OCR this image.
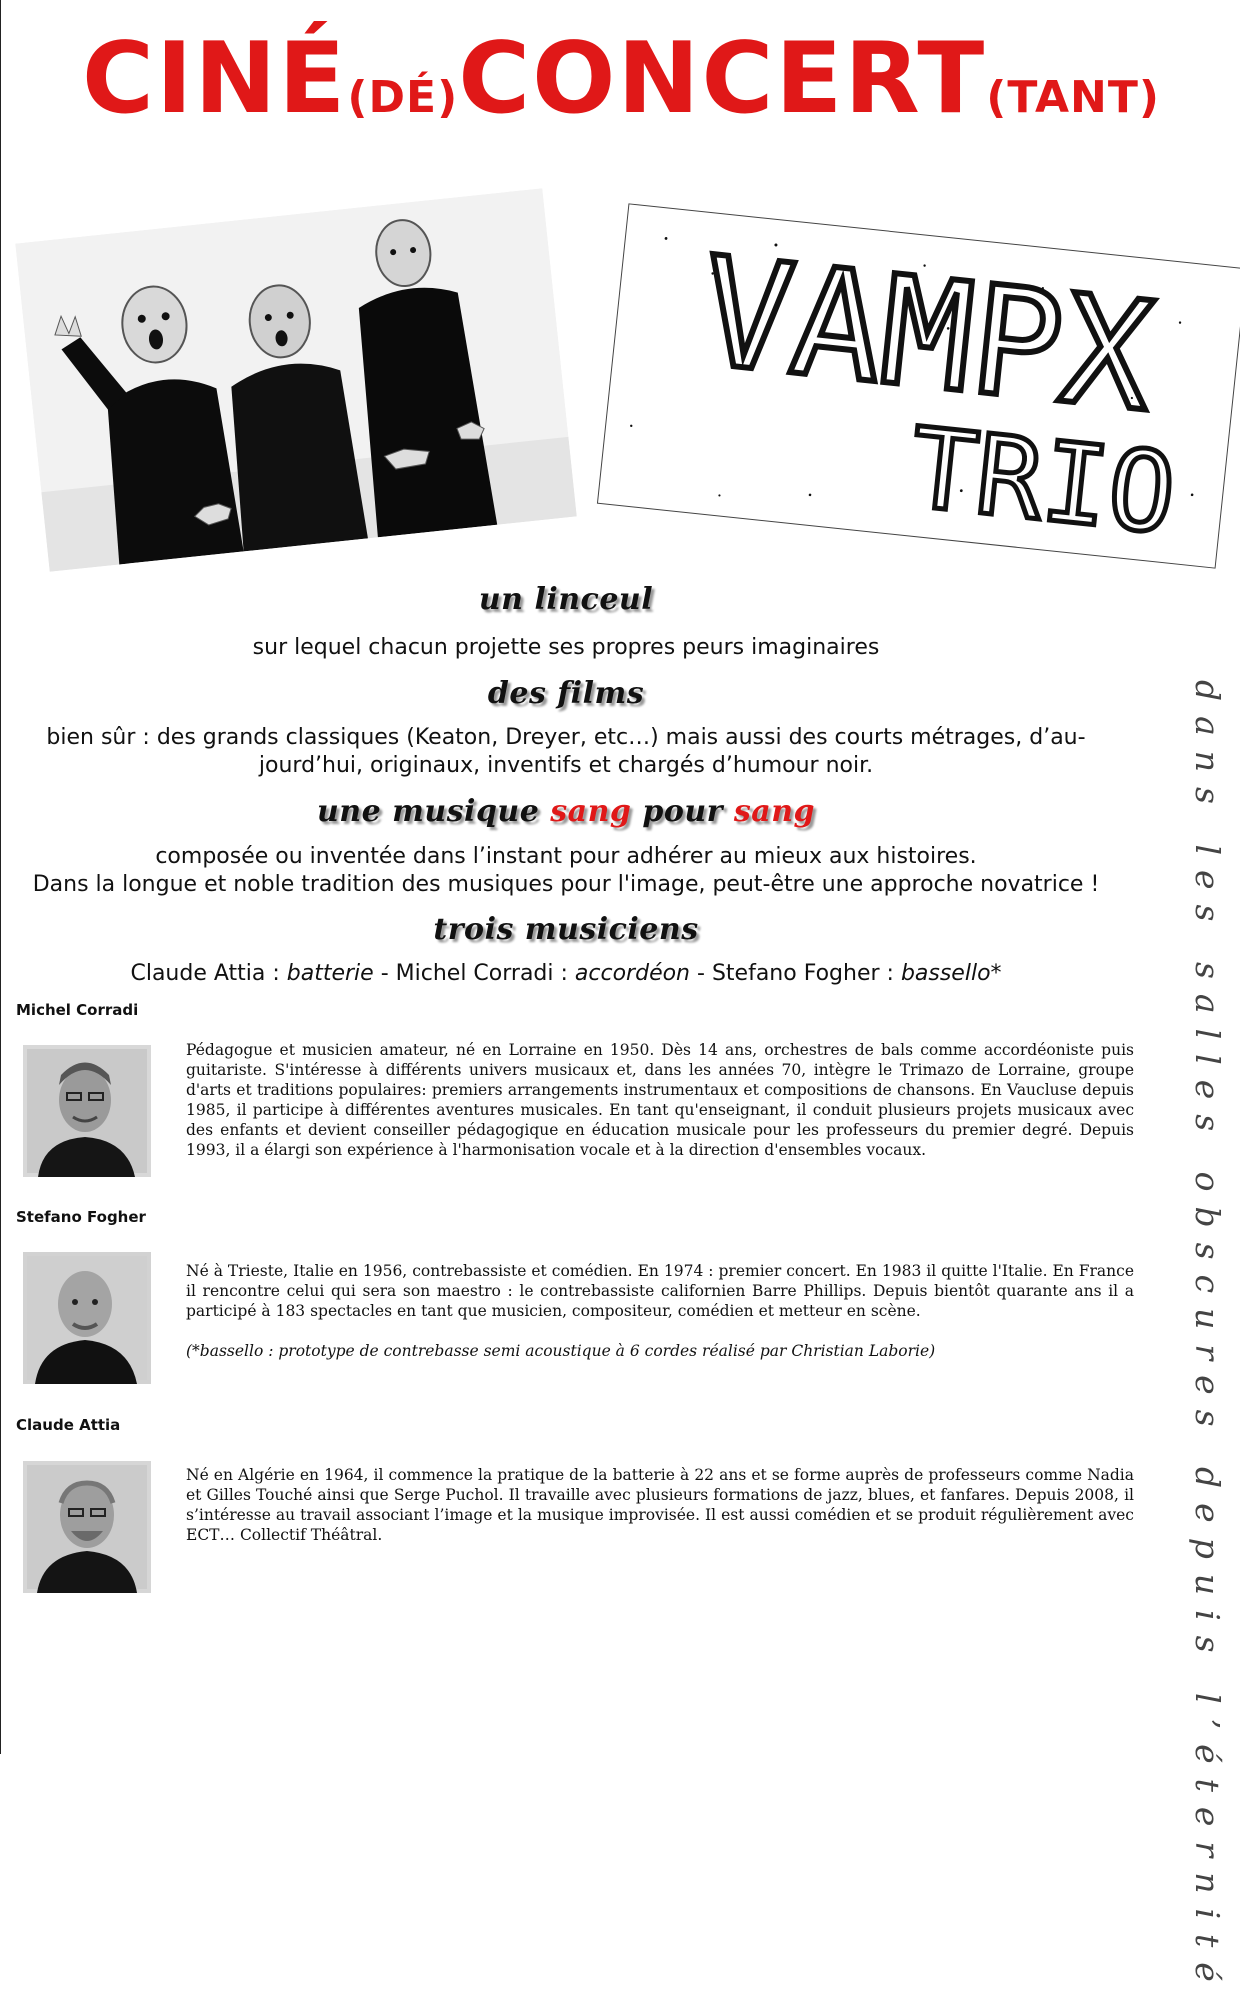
CINÉ(DÉ)CONCERT(TANT)
VAMPX
TRIO
un linceul
sur lequel chacun projette ses propres peurs imaginaires
des films
bien sûr : des grands classiques (Keaton, Dreyer, etc…) mais aussi des courts métrages, d’au-
jourd’hui, originaux, inventifs et chargés d’humour noir.
une musique sang pour sang
composée ou inventée dans l’instant pour adhérer au mieux aux histoires.
Dans la longue et noble tradition des musiques pour l'image, peut-être une approche novatrice !
trois musiciens
Claude Attia : batterie - Michel Corradi : accordéon - Stefano Fogher : bassello*	dans les salles obscures depuis l’éternité
Michel Corradi
Pédagogue et musicien amateur, né en Lorraine en 1950. Dès 14 ans, orchestres de bals comme accordéoniste puis guitariste. S'intéresse à différents univers musicaux et, dans les années 70, intègre le Trimazo de Lorraine, groupe d'arts et traditions populaires: premiers arrangements instrumentaux et compositions de chansons. En Vaucluse depuis 1985, il participe à différentes aventures musicales. En tant qu'enseignant, il conduit plusieurs projets musicaux avec des enfants et devient conseiller pédagogique en éducation musicale pour les professeurs du premier degré. Depuis 1993, il a élargi son expérience à l'harmonisation vocale et à la direction d'ensembles vocaux.
Stefano Fogher
Né à Trieste, Italie en 1956, contrebassiste et comédien. En 1974 : premier concert. En 1983 il quitte l'Italie. En France il rencontre celui qui sera son maestro : le contrebassiste californien Barre Phillips. Depuis bientôt quarante ans il a participé à 183 spectacles en tant que musicien, compositeur, comédien et metteur en scène.
(*bassello : prototype de contrebasse semi acoustique à 6 cordes réalisé par Christian Laborie)
Claude Attia
Né en Algérie en 1964, il commence la pratique de la batterie à 22 ans et se forme auprès de professeurs comme Nadia et Gilles Touché ainsi que Serge Puchol. Il travaille avec plusieurs formations de jazz, blues, et fanfares. Depuis 2008, il s’intéresse au travail associant l’image et la musique improvisée. Il est aussi comédien et se produit régulièrement avec ECT… Collectif Théâtral.
